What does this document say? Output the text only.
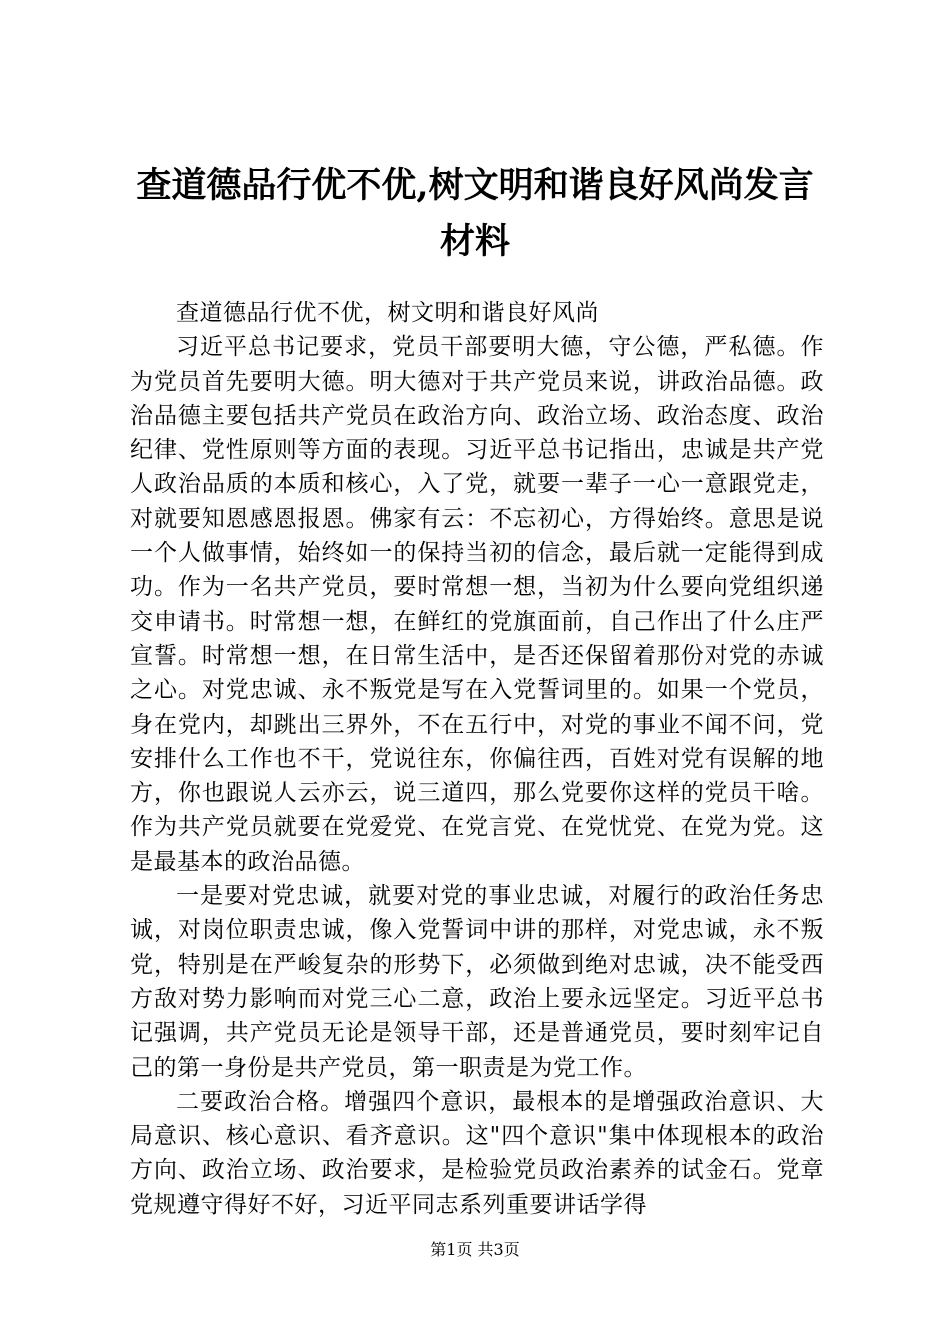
查道德品行优不优,树文明和谐良好风尚发言
材料

查道德品行优不优，树文明和谐良好风尚

习近平总书记要求，党员干部要明大德，守公德，严私德。作为党员首先要明大德。明大德对于共产党员来说，讲政治品德。政治品德主要包括共产党员在政治方向、政治立场、政治态度、政治纪律、党性原则等方面的表现。习近平总书记指出，忠诚是共产党人政治品质的本质和核心，入了党，就要一辈子一心一意跟党走，对就要知恩感恩报恩。佛家有云：不忘初心，方得始终。意思是说一个人做事情，始终如一的保持当初的信念，最后就一定能得到成功。作为一名共产党员，要时常想一想，当初为什么要向党组织递交申请书。时常想一想，在鲜红的党旗面前，自己作出了什么庄严宣誓。时常想一想，在日常生活中，是否还保留着那份对党的赤诚之心。对党忠诚、永不叛党是写在入党誓词里的。如果一个党员，身在党内，却跳出三界外，不在五行中，对党的事业不闻不问，党安排什么工作也不干，党说往东，你偏往西，百姓对党有误解的地方，你也跟说人云亦云，说三道四，那么党要你这样的党员干啥。作为共产党员就要在党爱党、在党言党、在党忧党、在党为党。这是最基本的政治品德。

一是要对党忠诚，就要对党的事业忠诚，对履行的政治任务忠诚，对岗位职责忠诚，像入党誓词中讲的那样，对党忠诚，永不叛党，特别是在严峻复杂的形势下，必须做到绝对忠诚，决不能受西方敌对势力影响而对党三心二意，政治上要永远坚定。习近平总书记强调，共产党员无论是领导干部，还是普通党员，要时刻牢记自己的第一身份是共产党员，第一职责是为党工作。

二要政治合格。增强四个意识，最根本的是增强政治意识、大局意识、核心意识、看齐意识。这"四个意识"集中体现根本的政治方向、政治立场、政治要求，是检验党员政治素养的试金石。党章党规遵守得好不好，习近平同志系列重要讲话学得

第1页 共3页
